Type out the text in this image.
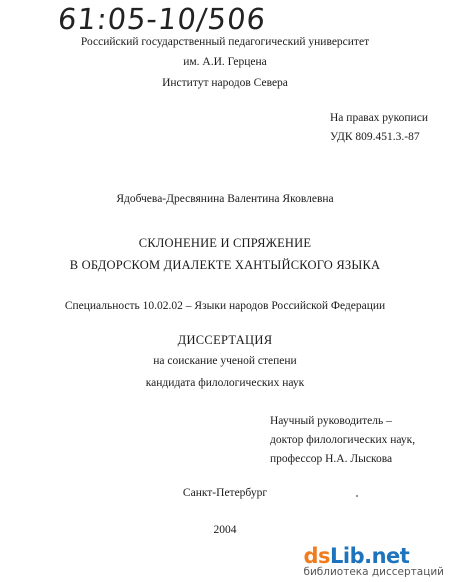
61:05-10/506
Российский государственный педагогический университет
им. А.И. Герцена
Институт народов Севера
На правах рукописи
УДК 809.451.3.-87
Ядобчева-Дресвянина Валентина Яковлевна
СКЛОНЕНИЕ И СПРЯЖЕНИЕ
В ОБДОРСКОМ ДИАЛЕКТЕ ХАНТЫЙСКОГО ЯЗЫКА
Специальность 10.02.02 – Языки народов Российской Федерации
ДИССЕРТАЦИЯ
на соискание ученой степени
кандидата филологических наук
Научный руководитель –
доктор филологических наук,
профессор Н.А. Лыскова
Санкт-Петербург
2004
dsLib.net
библиотека диссертаций
